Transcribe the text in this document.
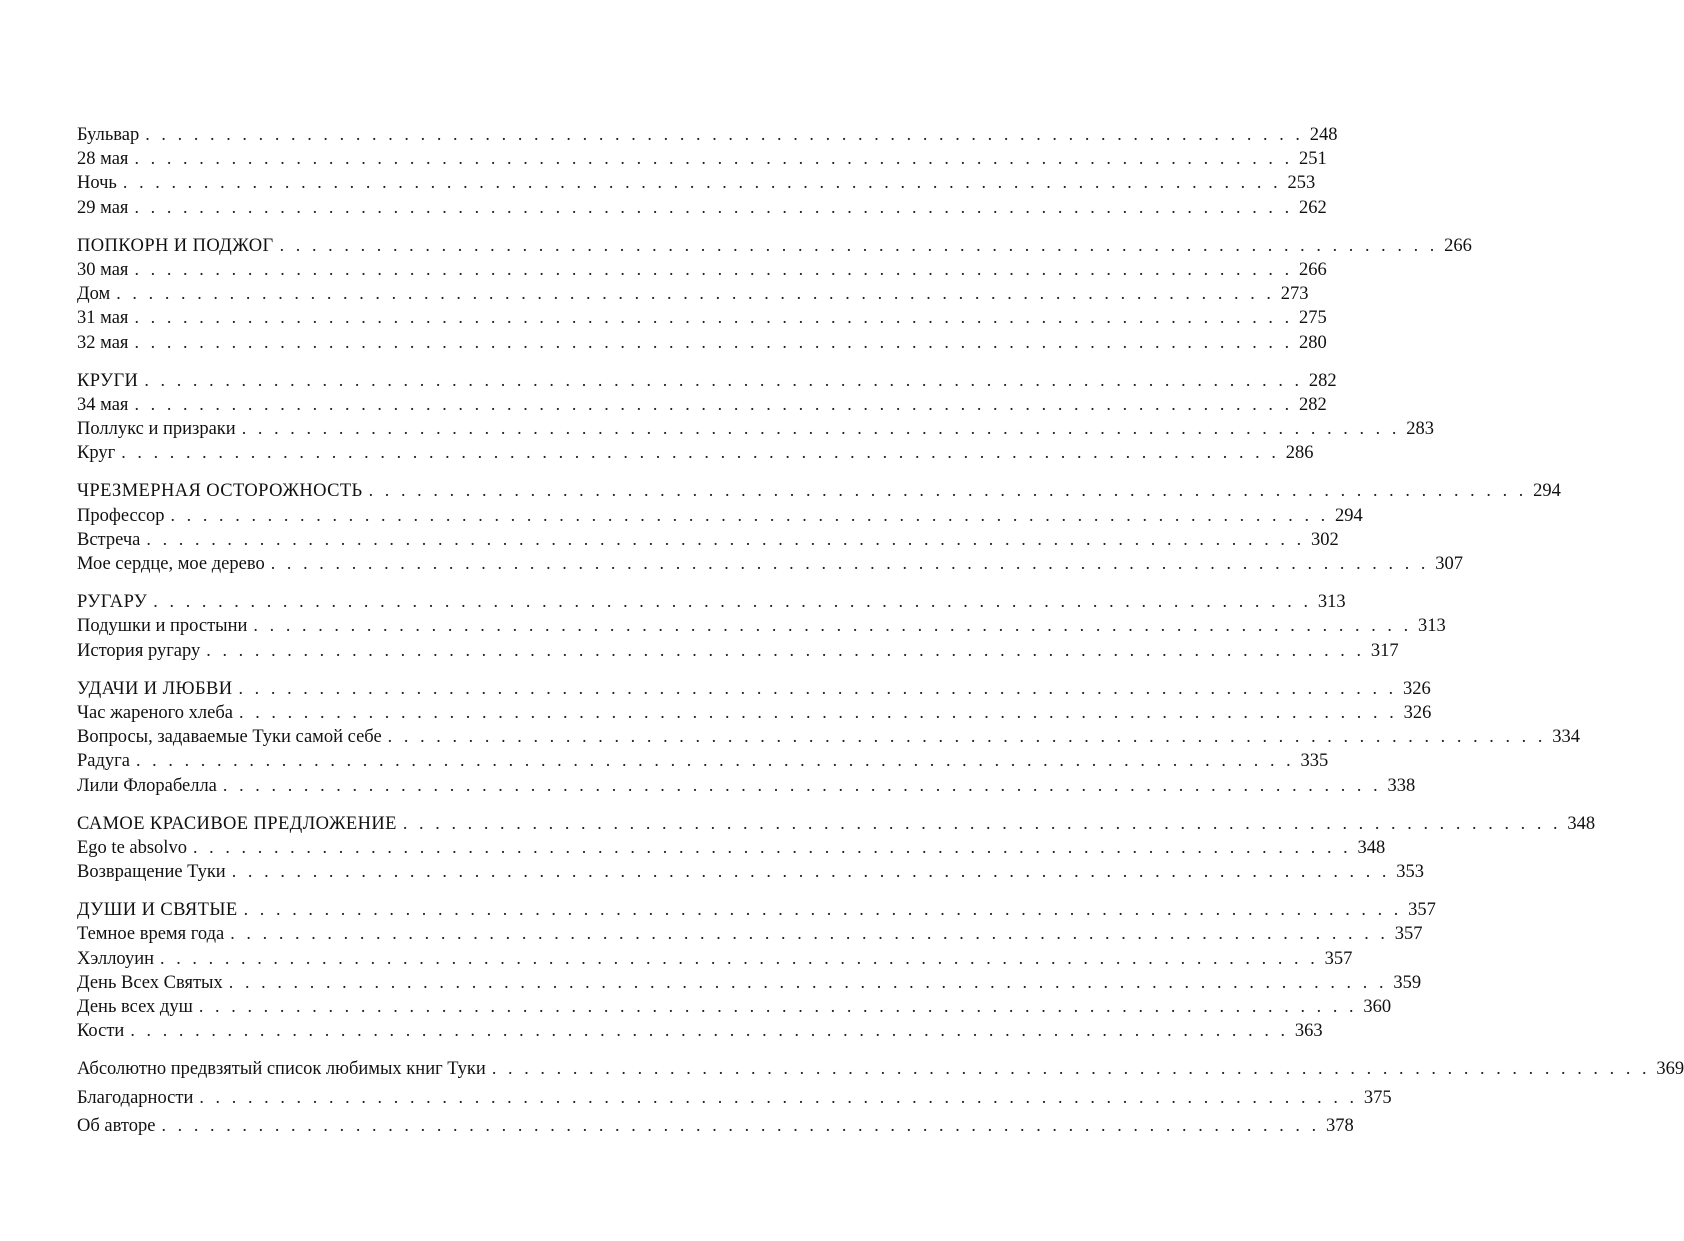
Бульвар . . . . . . . . . . . . . . . . . . . . . . . . . . . . . . . . . . . . . . . . . . . . . . . . . . . . . . . . . . . . . . . . . . . . . . . . 248
28 мая . . . . . . . . . . . . . . . . . . . . . . . . . . . . . . . . . . . . . . . . . . . . . . . . . . . . . . . . . . . . . . . . . . . . . . . . 251
Ночь . . . . . . . . . . . . . . . . . . . . . . . . . . . . . . . . . . . . . . . . . . . . . . . . . . . . . . . . . . . . . . . . . . . . . . . . 253
29 мая . . . . . . . . . . . . . . . . . . . . . . . . . . . . . . . . . . . . . . . . . . . . . . . . . . . . . . . . . . . . . . . . . . . . . . . . 262
ПОПКОРН И ПОДЖОГ . . . . . . . . . . . . . . . . . . . . . . . . . . . . . . . . . . . . . . . . . . . . . . . . . . . . . . . . . . . . . . . . . . . . . . . . 266
30 мая . . . . . . . . . . . . . . . . . . . . . . . . . . . . . . . . . . . . . . . . . . . . . . . . . . . . . . . . . . . . . . . . . . . . . . . . 266
Дом . . . . . . . . . . . . . . . . . . . . . . . . . . . . . . . . . . . . . . . . . . . . . . . . . . . . . . . . . . . . . . . . . . . . . . . . 273
31 мая . . . . . . . . . . . . . . . . . . . . . . . . . . . . . . . . . . . . . . . . . . . . . . . . . . . . . . . . . . . . . . . . . . . . . . . . 275
32 мая . . . . . . . . . . . . . . . . . . . . . . . . . . . . . . . . . . . . . . . . . . . . . . . . . . . . . . . . . . . . . . . . . . . . . . . . 280
КРУГИ . . . . . . . . . . . . . . . . . . . . . . . . . . . . . . . . . . . . . . . . . . . . . . . . . . . . . . . . . . . . . . . . . . . . . . . . 282
34 мая . . . . . . . . . . . . . . . . . . . . . . . . . . . . . . . . . . . . . . . . . . . . . . . . . . . . . . . . . . . . . . . . . . . . . . . . 282
Поллукс и призраки . . . . . . . . . . . . . . . . . . . . . . . . . . . . . . . . . . . . . . . . . . . . . . . . . . . . . . . . . . . . . . . . . . . . . . . . 283
Круг . . . . . . . . . . . . . . . . . . . . . . . . . . . . . . . . . . . . . . . . . . . . . . . . . . . . . . . . . . . . . . . . . . . . . . . . 286
ЧРЕЗМЕРНАЯ ОСТОРОЖНОСТЬ . . . . . . . . . . . . . . . . . . . . . . . . . . . . . . . . . . . . . . . . . . . . . . . . . . . . . . . . . . . . . . . . . . . . . . . . 294
Профессор . . . . . . . . . . . . . . . . . . . . . . . . . . . . . . . . . . . . . . . . . . . . . . . . . . . . . . . . . . . . . . . . . . . . . . . . 294
Встреча . . . . . . . . . . . . . . . . . . . . . . . . . . . . . . . . . . . . . . . . . . . . . . . . . . . . . . . . . . . . . . . . . . . . . . . . 302
Мое сердце, мое дерево . . . . . . . . . . . . . . . . . . . . . . . . . . . . . . . . . . . . . . . . . . . . . . . . . . . . . . . . . . . . . . . . . . . . . . . . 307
РУГАРУ . . . . . . . . . . . . . . . . . . . . . . . . . . . . . . . . . . . . . . . . . . . . . . . . . . . . . . . . . . . . . . . . . . . . . . . . 313
Подушки и простыни . . . . . . . . . . . . . . . . . . . . . . . . . . . . . . . . . . . . . . . . . . . . . . . . . . . . . . . . . . . . . . . . . . . . . . . . 313
История ругару . . . . . . . . . . . . . . . . . . . . . . . . . . . . . . . . . . . . . . . . . . . . . . . . . . . . . . . . . . . . . . . . . . . . . . . . 317
УДАЧИ И ЛЮБВИ . . . . . . . . . . . . . . . . . . . . . . . . . . . . . . . . . . . . . . . . . . . . . . . . . . . . . . . . . . . . . . . . . . . . . . . . 326
Час жареного хлеба . . . . . . . . . . . . . . . . . . . . . . . . . . . . . . . . . . . . . . . . . . . . . . . . . . . . . . . . . . . . . . . . . . . . . . . . 326
Вопросы, задаваемые Туки самой себе . . . . . . . . . . . . . . . . . . . . . . . . . . . . . . . . . . . . . . . . . . . . . . . . . . . . . . . . . . . . . . . . . . . . . . . . 334
Радуга . . . . . . . . . . . . . . . . . . . . . . . . . . . . . . . . . . . . . . . . . . . . . . . . . . . . . . . . . . . . . . . . . . . . . . . . 335
Лили Флорабелла . . . . . . . . . . . . . . . . . . . . . . . . . . . . . . . . . . . . . . . . . . . . . . . . . . . . . . . . . . . . . . . . . . . . . . . . 338
САМОЕ КРАСИВОЕ ПРЕДЛОЖЕНИЕ . . . . . . . . . . . . . . . . . . . . . . . . . . . . . . . . . . . . . . . . . . . . . . . . . . . . . . . . . . . . . . . . . . . . . . . . 348
Ego te absolvo . . . . . . . . . . . . . . . . . . . . . . . . . . . . . . . . . . . . . . . . . . . . . . . . . . . . . . . . . . . . . . . . . . . . . . . . 348
Возвращение Туки . . . . . . . . . . . . . . . . . . . . . . . . . . . . . . . . . . . . . . . . . . . . . . . . . . . . . . . . . . . . . . . . . . . . . . . . 353
ДУШИ И СВЯТЫЕ . . . . . . . . . . . . . . . . . . . . . . . . . . . . . . . . . . . . . . . . . . . . . . . . . . . . . . . . . . . . . . . . . . . . . . . . 357
Темное время года . . . . . . . . . . . . . . . . . . . . . . . . . . . . . . . . . . . . . . . . . . . . . . . . . . . . . . . . . . . . . . . . . . . . . . . . 357
Хэллоуин . . . . . . . . . . . . . . . . . . . . . . . . . . . . . . . . . . . . . . . . . . . . . . . . . . . . . . . . . . . . . . . . . . . . . . . . 357
День Всех Святых . . . . . . . . . . . . . . . . . . . . . . . . . . . . . . . . . . . . . . . . . . . . . . . . . . . . . . . . . . . . . . . . . . . . . . . . 359
День всех душ . . . . . . . . . . . . . . . . . . . . . . . . . . . . . . . . . . . . . . . . . . . . . . . . . . . . . . . . . . . . . . . . . . . . . . . . 360
Кости . . . . . . . . . . . . . . . . . . . . . . . . . . . . . . . . . . . . . . . . . . . . . . . . . . . . . . . . . . . . . . . . . . . . . . . . 363
Абсолютно предвзятый список любимых книг Туки . . . . . . . . . . . . . . . . . . . . . . . . . . . . . . . . . . . . . . . . . . . . . . . . . . . . . . . . . . . . . . . . . . . . . . . . 369
Благодарности . . . . . . . . . . . . . . . . . . . . . . . . . . . . . . . . . . . . . . . . . . . . . . . . . . . . . . . . . . . . . . . . . . . . . . . . 375
Об авторе . . . . . . . . . . . . . . . . . . . . . . . . . . . . . . . . . . . . . . . . . . . . . . . . . . . . . . . . . . . . . . . . . . . . . . . . 378
